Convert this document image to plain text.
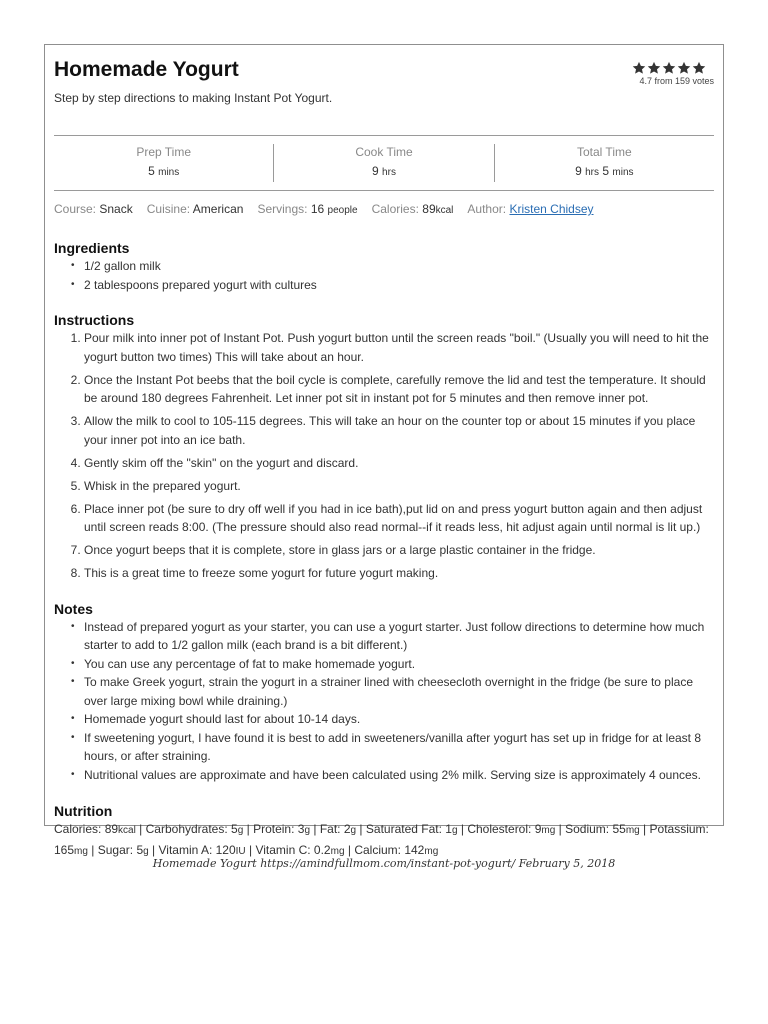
Homemade Yogurt
Step by step directions to making Instant Pot Yogurt.
4.7 from 159 votes
Prep Time
5 mins
Cook Time
9 hrs
Total Time
9 hrs 5 mins
Course: Snack Cuisine: American Servings: 16 people Calories: 89kcal Author: Kristen Chidsey
Ingredients
• 1/2 gallon milk
• 2 tablespoons prepared yogurt with cultures
Instructions
1. Pour milk into inner pot of Instant Pot. Push yogurt button until the screen reads "boil." (Usually you will need to hit the yogurt button two times) This will take about an hour.
2. Once the Instant Pot beebs that the boil cycle is complete, carefully remove the lid and test the temperature. It should be around 180 degrees Fahrenheit. Let inner pot sit in instant pot for 5 minutes and then remove inner pot.
3. Allow the milk to cool to 105-115 degrees. This will take an hour on the counter top or about 15 minutes if you place your inner pot into an ice bath.
4. Gently skim off the "skin" on the yogurt and discard.
5. Whisk in the prepared yogurt.
6. Place inner pot (be sure to dry off well if you had in ice bath),put lid on and press yogurt button again and then adjust until screen reads 8:00. (The pressure should also read normal--if it reads less, hit adjust again until normal is lit up.)
7. Once yogurt beeps that it is complete, store in glass jars or a large plastic container in the fridge.
8. This is a great time to freeze some yogurt for future yogurt making.
Notes
• Instead of prepared yogurt as your starter, you can use a yogurt starter. Just follow directions to determine how much starter to add to 1/2 gallon milk (each brand is a bit different.)
• You can use any percentage of fat to make homemade yogurt.
• To make Greek yogurt, strain the yogurt in a strainer lined with cheesecloth overnight in the fridge (be sure to place over large mixing bowl while draining.)
• Homemade yogurt should last for about 10-14 days.
• If sweetening yogurt, I have found it is best to add in sweeteners/vanilla after yogurt has set up in fridge for at least 8 hours, or after straining.
• Nutritional values are approximate and have been calculated using 2% milk. Serving size is approximately 4 ounces.
Nutrition
Calories: 89kcal | Carbohydrates: 5g | Protein: 3g | Fat: 2g | Saturated Fat: 1g | Cholesterol: 9mg | Sodium: 55mg | Potassium: 165mg | Sugar: 5g | Vitamin A: 120IU | Vitamin C: 0.2mg | Calcium: 142mg
Homemade Yogurt https://amindfullmom.com/instant-pot-yogurt/ February 5, 2018
